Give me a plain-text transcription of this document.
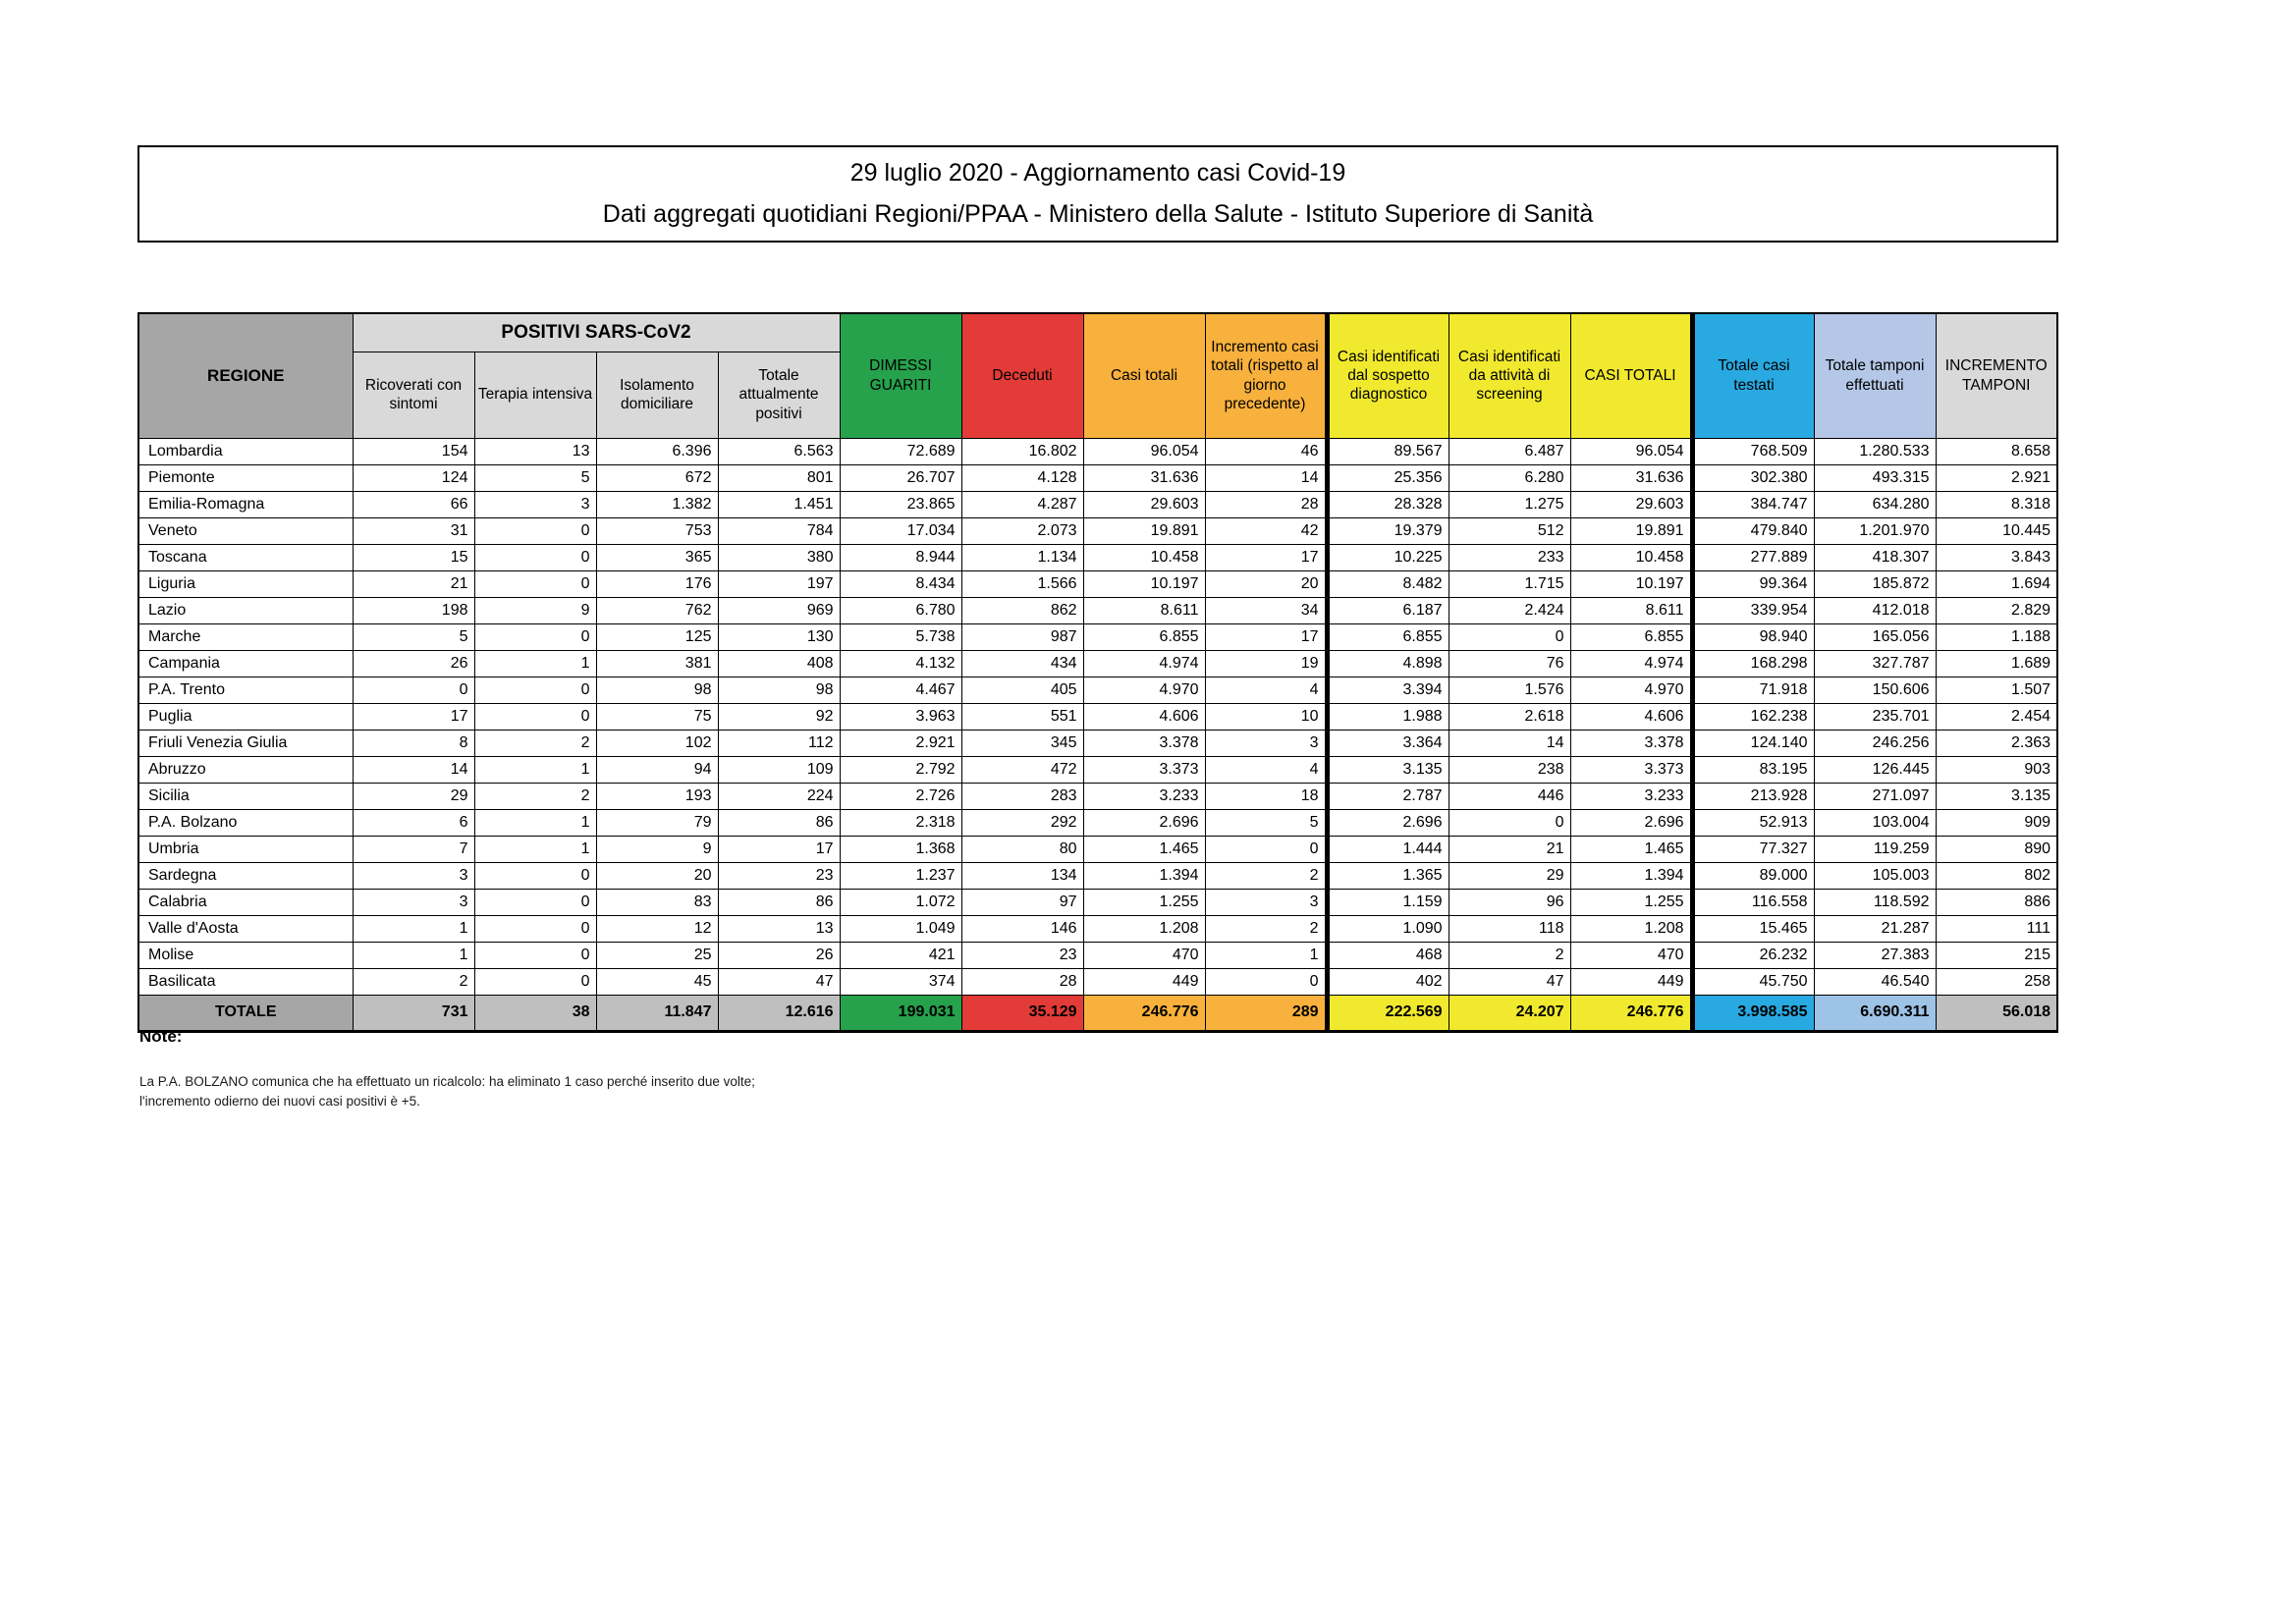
29 luglio 2020 - Aggiornamento casi Covid-19
Dati aggregati quotidiani Regioni/PPAA - Ministero della Salute - Istituto Superiore di Sanità
REGIONE	POSITIVI SARS-CoV2				DIMESSI GUARITI	Deceduti	Casi totali	Incremento casi totali (rispetto al giorno precedente)	Casi identificati dal sospetto diagnostico	Casi identificati da attività di screening	CASI TOTALI	Totale casi testati	Totale tamponi effettuati	INCREMENTO TAMPONI
	Ricoverati con sintomi	Terapia intensiva	Isolamento domiciliare	Totale attualmente positivi										
Lombardia	154	13	6.396	6.563	72.689	16.802	96.054	46	89.567	6.487	96.054	768.509	1.280.533	8.658
Piemonte	124	5	672	801	26.707	4.128	31.636	14	25.356	6.280	31.636	302.380	493.315	2.921
Emilia-Romagna	66	3	1.382	1.451	23.865	4.287	29.603	28	28.328	1.275	29.603	384.747	634.280	8.318
Veneto	31	0	753	784	17.034	2.073	19.891	42	19.379	512	19.891	479.840	1.201.970	10.445
Toscana	15	0	365	380	8.944	1.134	10.458	17	10.225	233	10.458	277.889	418.307	3.843
Liguria	21	0	176	197	8.434	1.566	10.197	20	8.482	1.715	10.197	99.364	185.872	1.694
Lazio	198	9	762	969	6.780	862	8.611	34	6.187	2.424	8.611	339.954	412.018	2.829
Marche	5	0	125	130	5.738	987	6.855	17	6.855	0	6.855	98.940	165.056	1.188
Campania	26	1	381	408	4.132	434	4.974	19	4.898	76	4.974	168.298	327.787	1.689
P.A. Trento	0	0	98	98	4.467	405	4.970	4	3.394	1.576	4.970	71.918	150.606	1.507
Puglia	17	0	75	92	3.963	551	4.606	10	1.988	2.618	4.606	162.238	235.701	2.454
Friuli Venezia Giulia	8	2	102	112	2.921	345	3.378	3	3.364	14	3.378	124.140	246.256	2.363
Abruzzo	14	1	94	109	2.792	472	3.373	4	3.135	238	3.373	83.195	126.445	903
Sicilia	29	2	193	224	2.726	283	3.233	18	2.787	446	3.233	213.928	271.097	3.135
P.A. Bolzano	6	1	79	86	2.318	292	2.696	5	2.696	0	2.696	52.913	103.004	909
Umbria	7	1	9	17	1.368	80	1.465	0	1.444	21	1.465	77.327	119.259	890
Sardegna	3	0	20	23	1.237	134	1.394	2	1.365	29	1.394	89.000	105.003	802
Calabria	3	0	83	86	1.072	97	1.255	3	1.159	96	1.255	116.558	118.592	886
Valle d'Aosta	1	0	12	13	1.049	146	1.208	2	1.090	118	1.208	15.465	21.287	111
Molise	1	0	25	26	421	23	470	1	468	2	470	26.232	27.383	215
Basilicata	2	0	45	47	374	28	449	0	402	47	449	45.750	46.540	258
TOTALE	731	38	11.847	12.616	199.031	35.129	246.776	289	222.569	24.207	246.776	3.998.585	6.690.311	56.018
Note:
La P.A. BOLZANO comunica che ha effettuato un ricalcolo: ha eliminato 1 caso perché inserito due volte;
l'incremento odierno dei nuovi casi positivi è +5.
